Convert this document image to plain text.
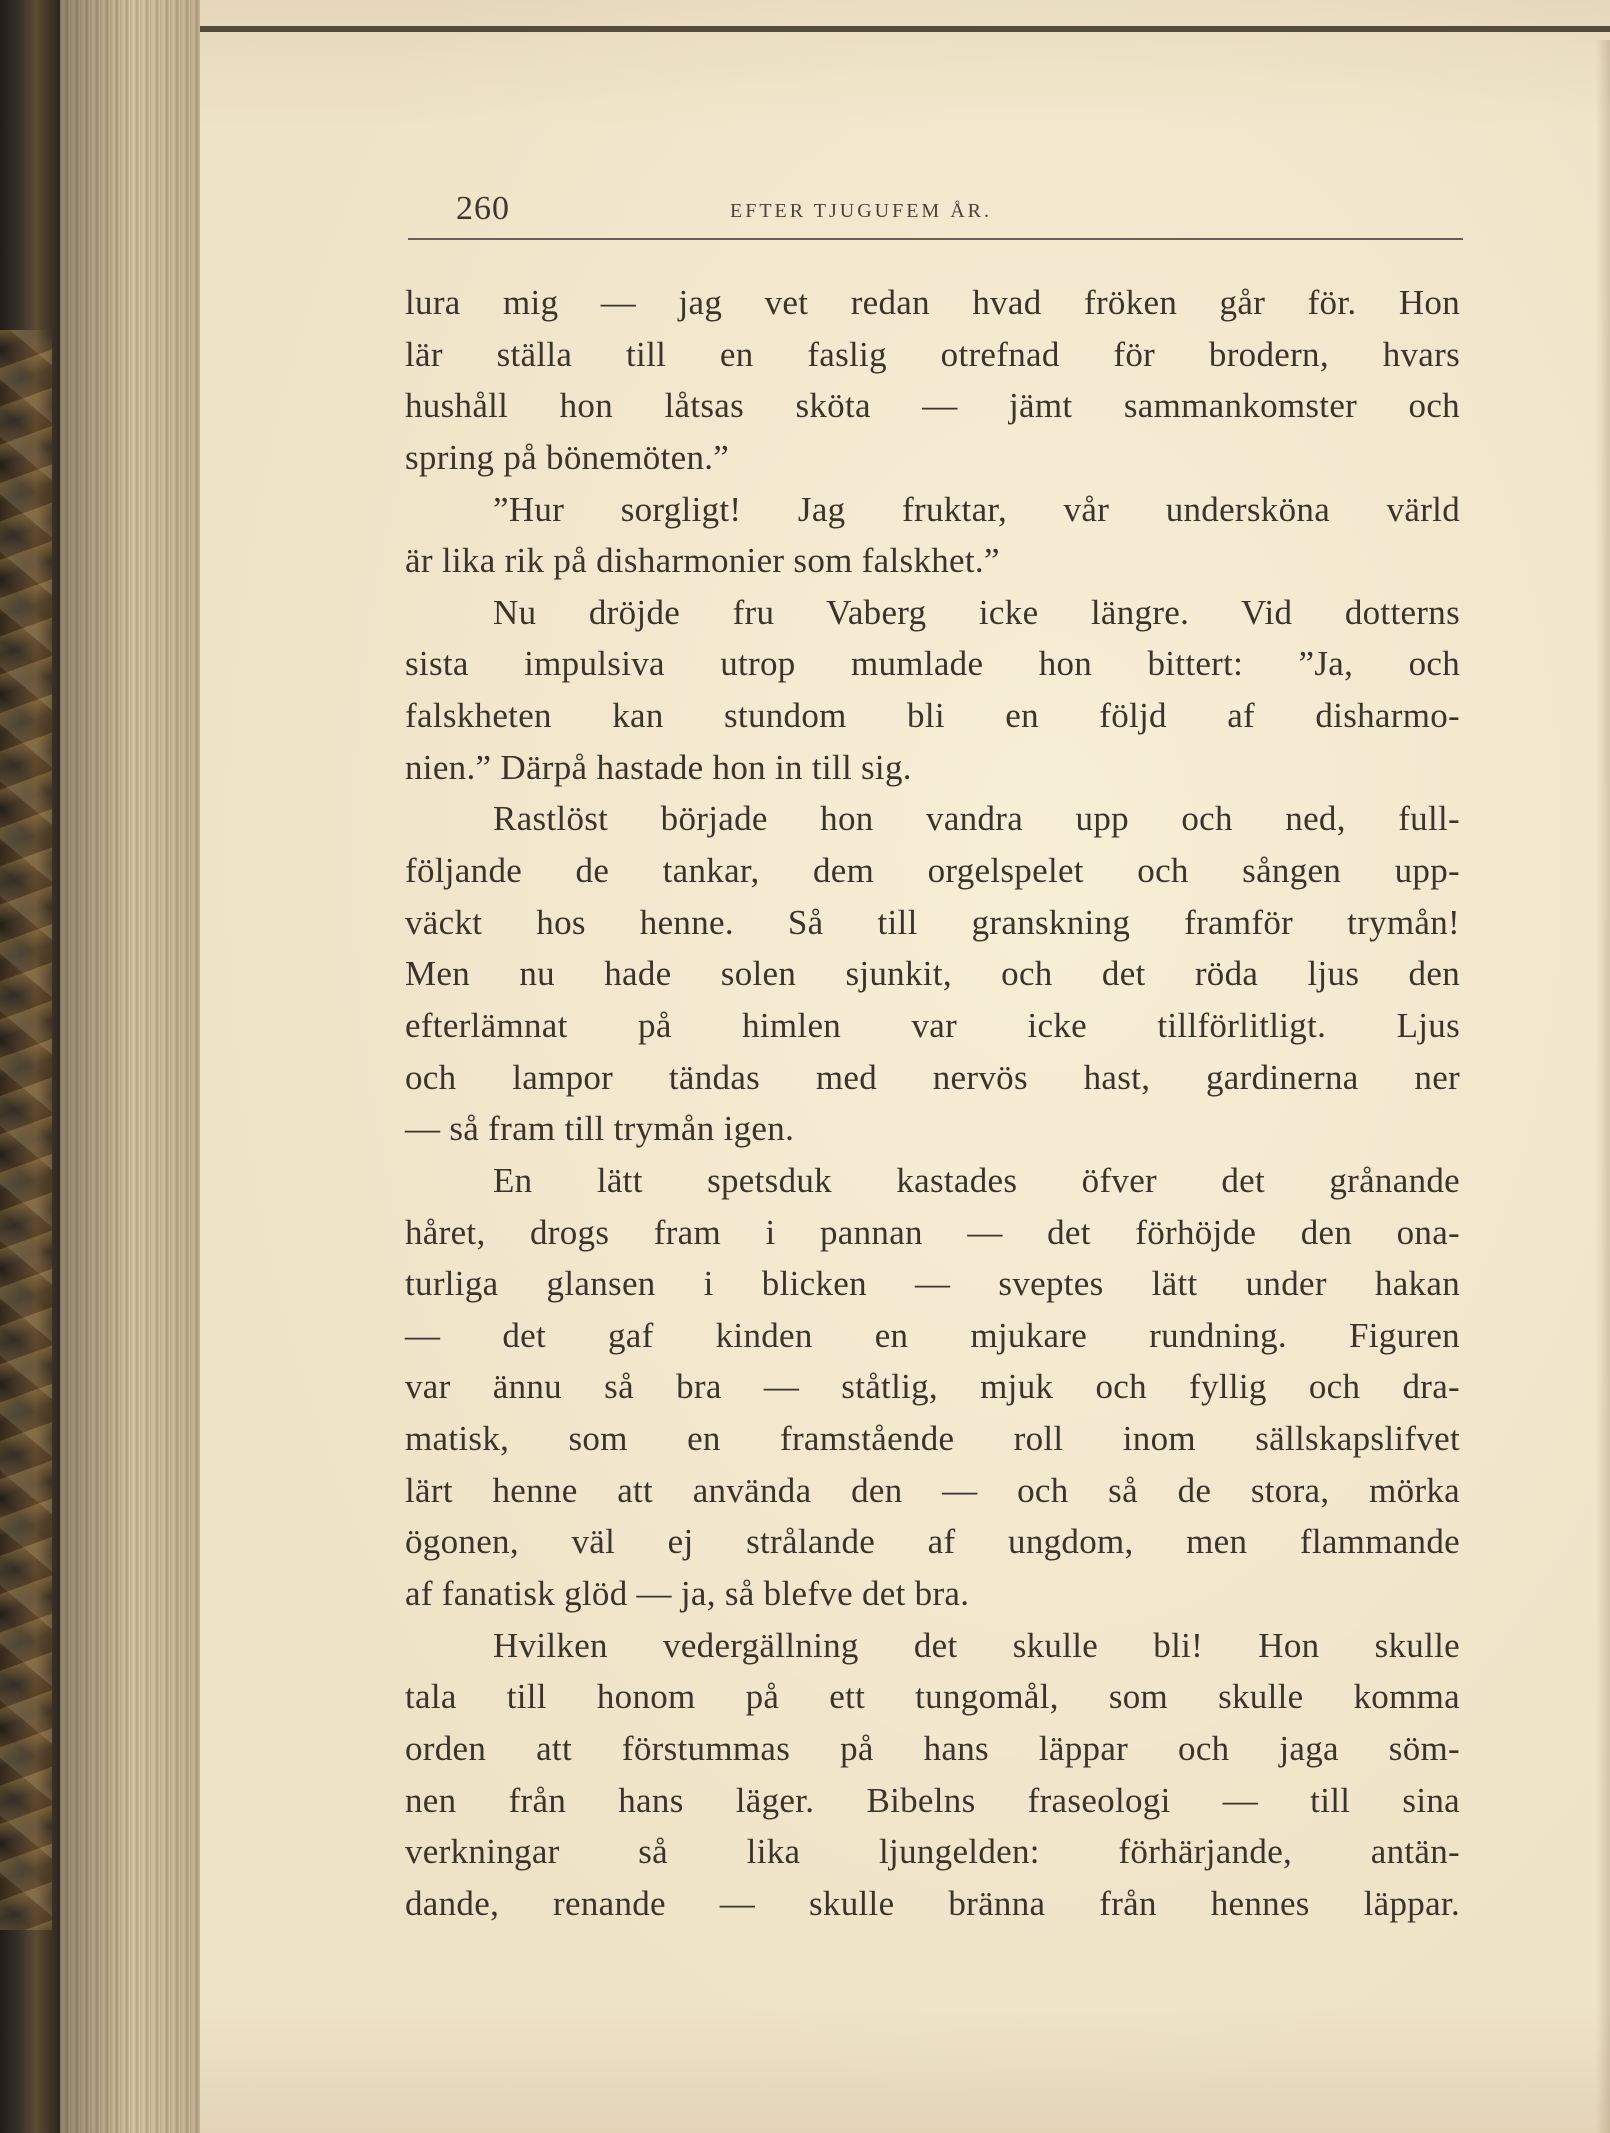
260	EFTER TJUGUFEM ÅR.
lura mig — jag vet redan hvad fröken går för. Hon
lär ställa till en faslig otrefnad för brodern, hvars
hushåll hon låtsas sköta — jämt sammankomster och
spring på bönemöten.”
”Hur sorgligt! Jag fruktar, vår undersköna värld
är lika rik på disharmonier som falskhet.”
Nu dröjde fru Vaberg icke längre. Vid dotterns
sista impulsiva utrop mumlade hon bittert: ”Ja, och
falskheten kan stundom bli en följd af disharmo-
nien.” Därpå hastade hon in till sig.
Rastlöst började hon vandra upp och ned, full-
följande de tankar, dem orgelspelet och sången upp-
väckt hos henne. Så till granskning framför trymån!
Men nu hade solen sjunkit, och det röda ljus den
efterlämnat på himlen var icke tillförlitligt. Ljus
och lampor tändas med nervös hast, gardinerna ner
— så fram till trymån igen.
En lätt spetsduk kastades öfver det grånande
håret, drogs fram i pannan — det förhöjde den ona-
turliga glansen i blicken — sveptes lätt under hakan
— det gaf kinden en mjukare rundning. Figuren
var ännu så bra — ståtlig, mjuk och fyllig och dra-
matisk, som en framstående roll inom sällskapslifvet
lärt henne att använda den — och så de stora, mörka
ögonen, väl ej strålande af ungdom, men flammande
af fanatisk glöd — ja, så blefve det bra.
Hvilken vedergällning det skulle bli! Hon skulle
tala till honom på ett tungomål, som skulle komma
orden att förstummas på hans läppar och jaga söm-
nen från hans läger. Bibelns fraseologi — till sina
verkningar så lika ljungelden: förhärjande, antän-
dande, renande — skulle bränna från hennes läppar.
